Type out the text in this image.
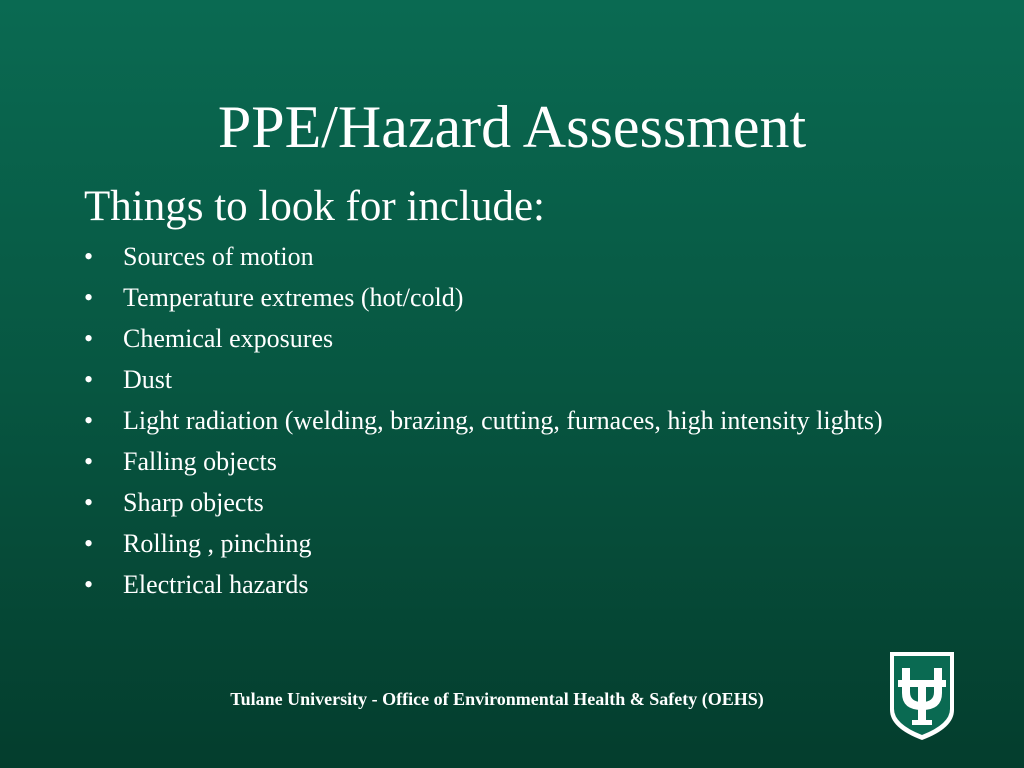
PPE/Hazard Assessment
Things to look for include:
• Sources of motion
• Temperature extremes (hot/cold)
• Chemical exposures
• Dust
• Light radiation (welding, brazing, cutting, furnaces, high intensity lights)
• Falling objects
• Sharp objects
• Rolling , pinching
• Electrical hazards
Tulane University - Office of Environmental Health & Safety (OEHS)
